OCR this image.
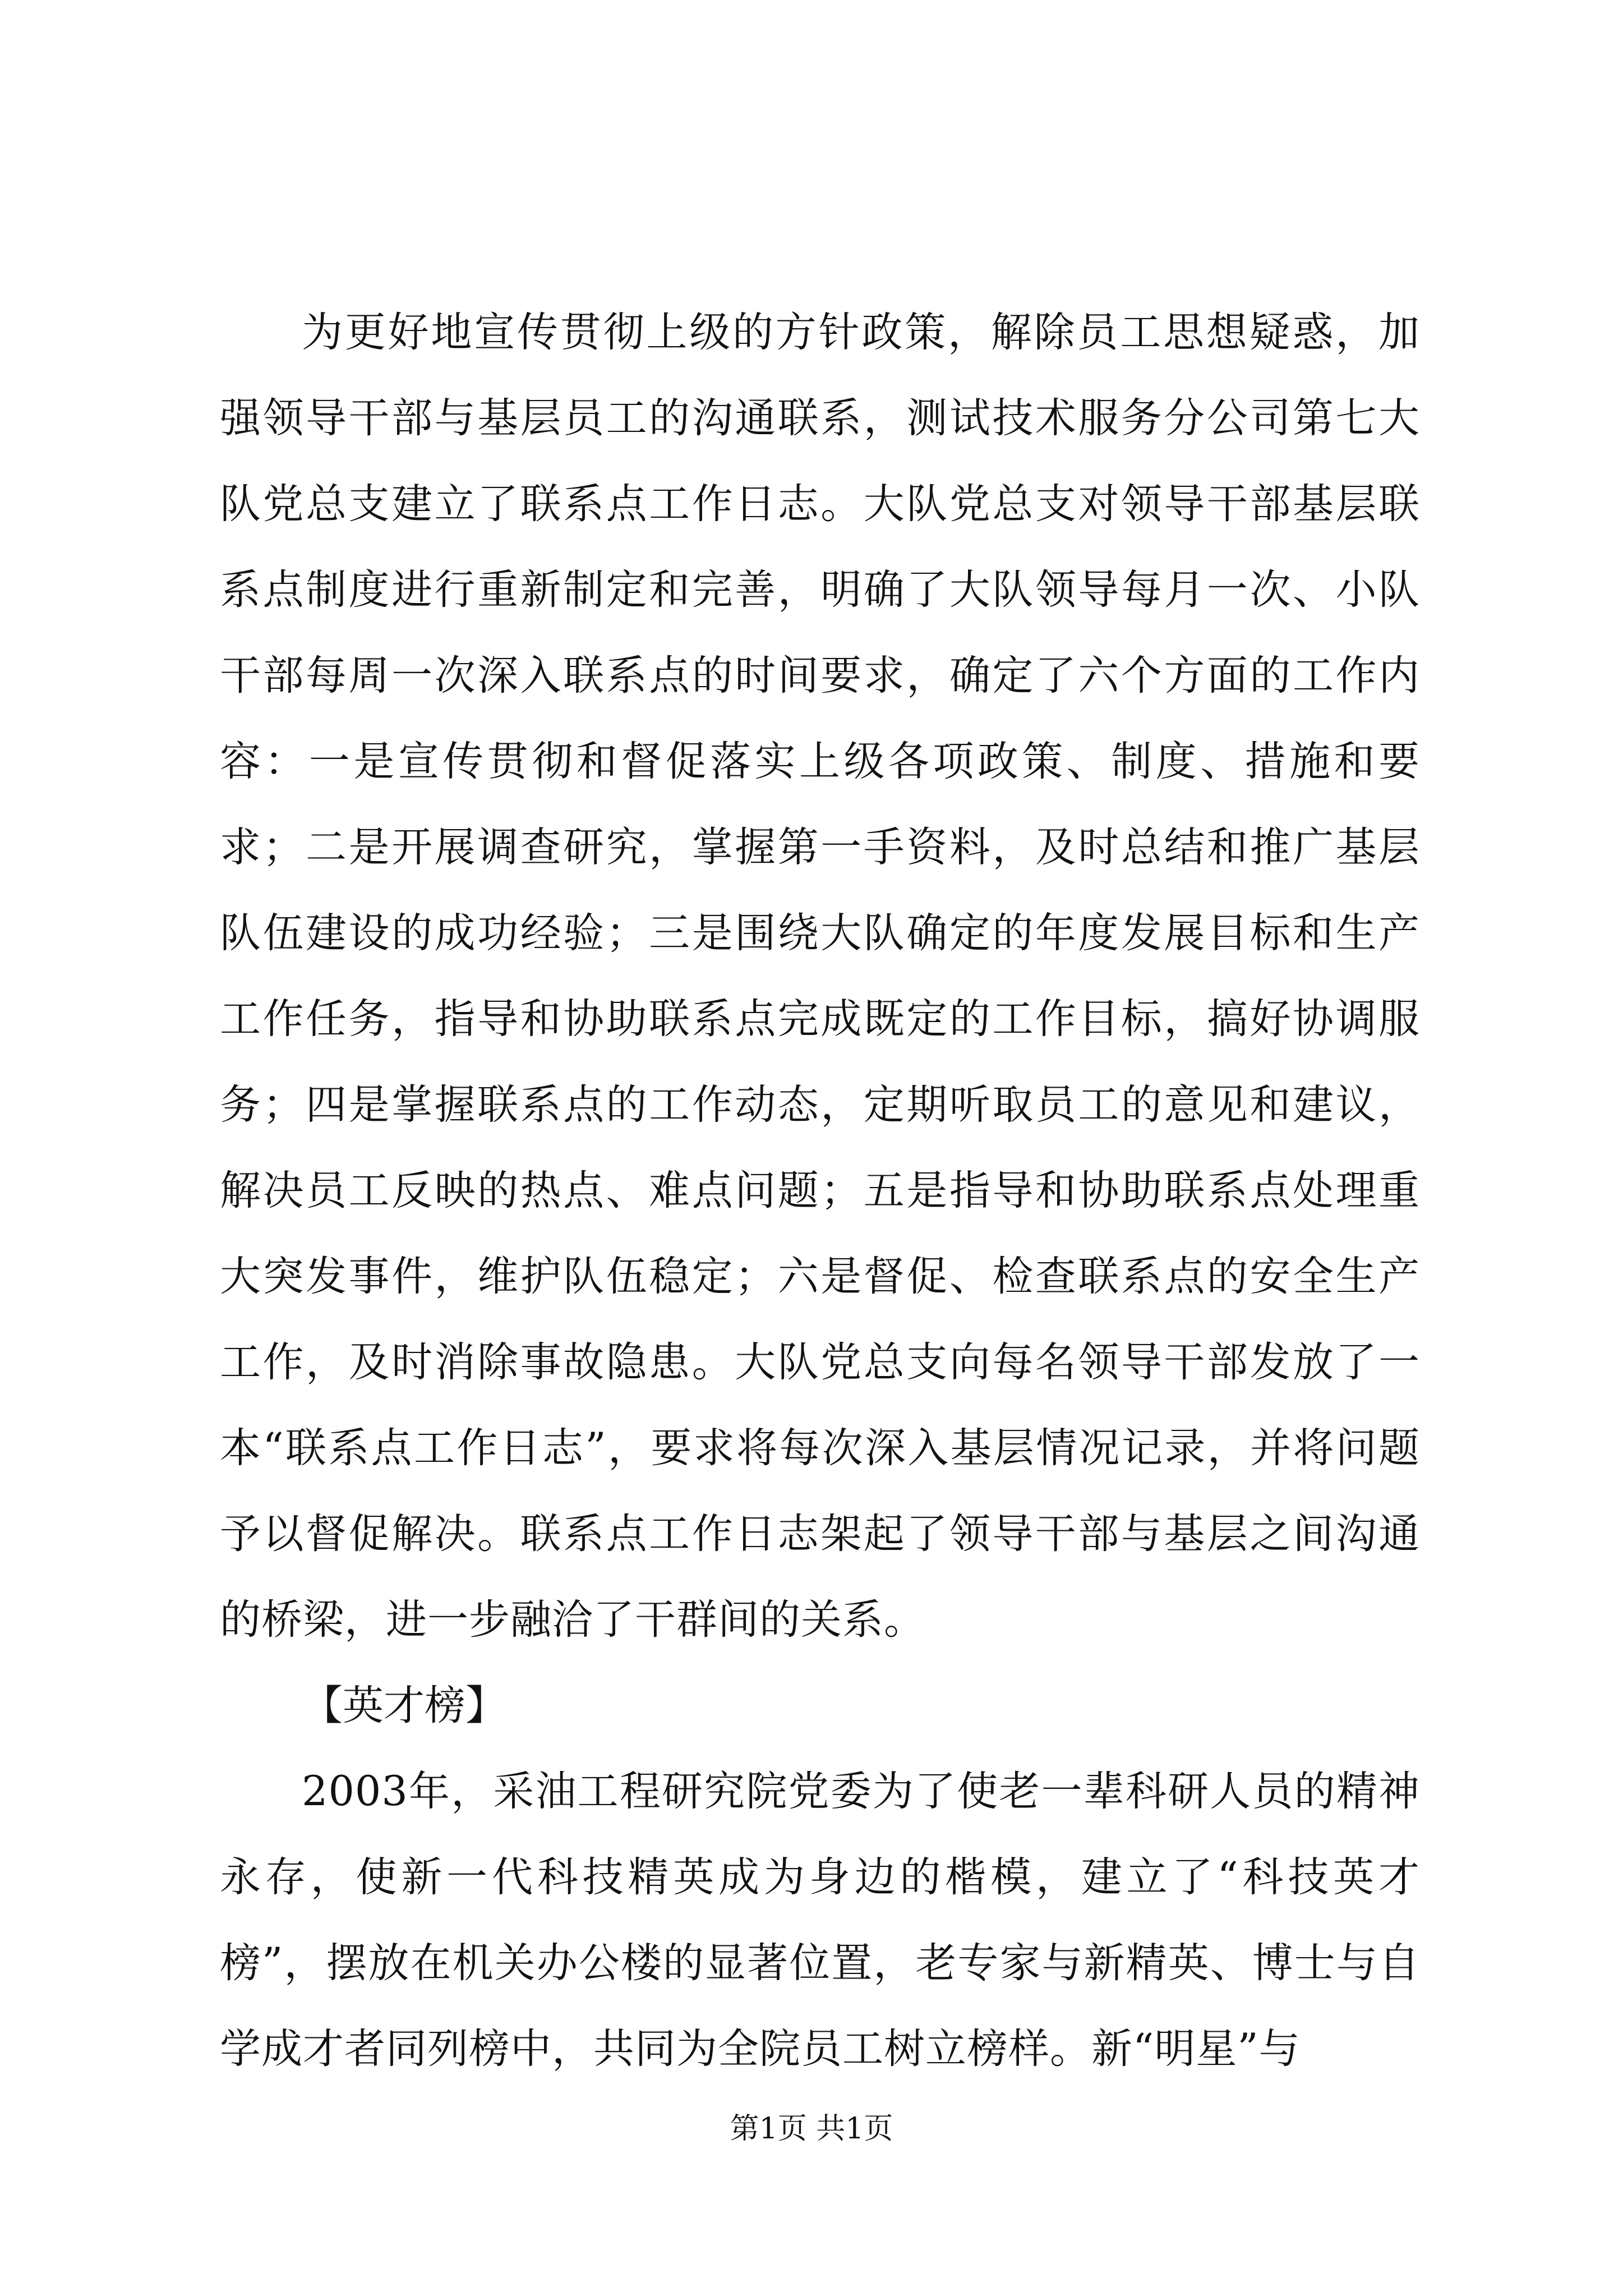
为更好地宣传贯彻上级的方针政策，解除员工思想疑惑，加强领导干部与基层员工的沟通联系，测试技术服务分公司第七大队党总支建立了联系点工作日志。大队党总支对领导干部基层联系点制度进行重新制定和完善，明确了大队领导每月一次、小队干部每周一次深入联系点的时间要求，确定了六个方面的工作内容：一是宣传贯彻和督促落实上级各项政策、制度、措施和要求；二是开展调查研究，掌握第一手资料，及时总结和推广基层队伍建设的成功经验；三是围绕大队确定的年度发展目标和生产工作任务，指导和协助联系点完成既定的工作目标，搞好协调服务；四是掌握联系点的工作动态，定期听取员工的意见和建议，解决员工反映的热点、难点问题；五是指导和协助联系点处理重大突发事件，维护队伍稳定；六是督促、检查联系点的安全生产工作，及时消除事故隐患。大队党总支向每名领导干部发放了一本“联系点工作日志”，要求将每次深入基层情况记录，并将问题予以督促解决。联系点工作日志架起了领导干部与基层之间沟通的桥梁，进一步融洽了干群间的关系。

【英才榜】

2003年，采油工程研究院党委为了使老一辈科研人员的精神永存，使新一代科技精英成为身边的楷模，建立了“科技英才榜”，摆放在机关办公楼的显著位置，老专家与新精英、博士与自学成才者同列榜中，共同为全院员工树立榜样。新“明星”与

第1页 共1页
